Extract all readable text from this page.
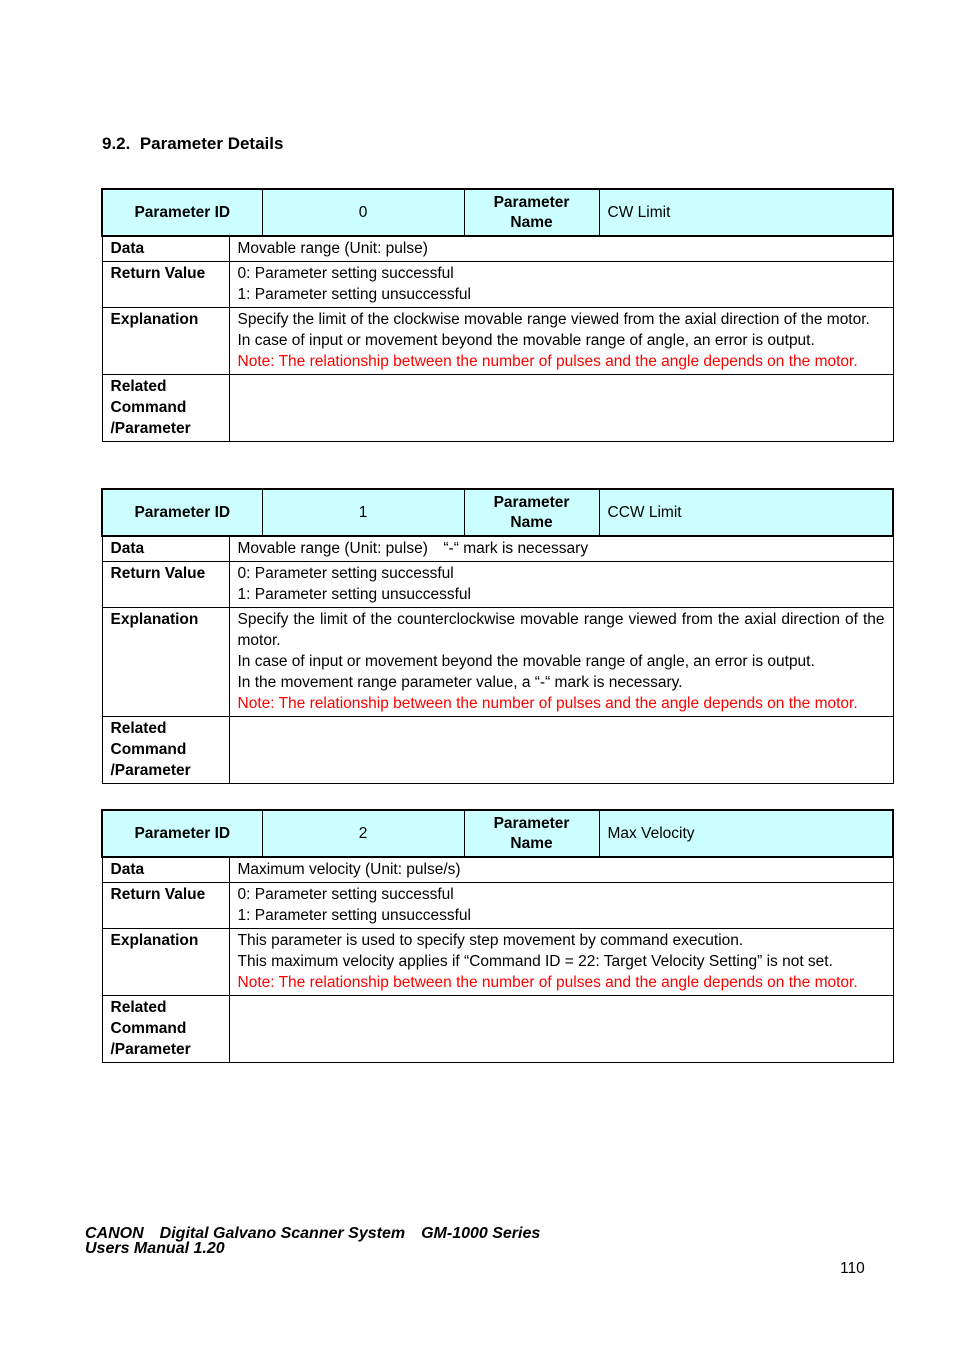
9.2. Parameter Details
Parameter ID		0	Parameter Name	CW Limit
Data	Movable range (Unit: pulse)			
Return Value	0: Parameter setting successful
1: Parameter setting unsuccessful			

Explanation	Specify the limit of the clockwise movable range viewed from the axial direction of the motor.
In case of input or movement beyond the movable range of angle, an error is output.
Note: The relationship between the number of pulses and the angle depends on the motor.			

Related
Command
/Parameter				

Parameter ID		1	Parameter Name	CCW Limit
Data	Movable range (Unit: pulse)　“-“ mark is necessary			
Return Value	0: Parameter setting successful
1: Parameter setting unsuccessful			

Explanation	Specify the limit of the counterclockwise movable range viewed from the axial direction of the motor.
In case of input or movement beyond the movable range of angle, an error is output.
In the movement range parameter value, a “-“ mark is necessary.
Note: The relationship between the number of pulses and the angle depends on the motor.			

Related
Command
/Parameter				

Parameter ID		2	Parameter Name	Max Velocity
Data	Maximum velocity (Unit: pulse/s)			
Return Value	0: Parameter setting successful
1: Parameter setting unsuccessful			

Explanation	This parameter is used to specify step movement by command execution.
This maximum velocity applies if “Command ID = 22: Target Velocity Setting” is not set.
Note: The relationship between the number of pulses and the angle depends on the motor.			

Related
Command
/Parameter				

CANON　Digital Galvano Scanner System　GM-1000 Series

Users Manual 1.20

110
